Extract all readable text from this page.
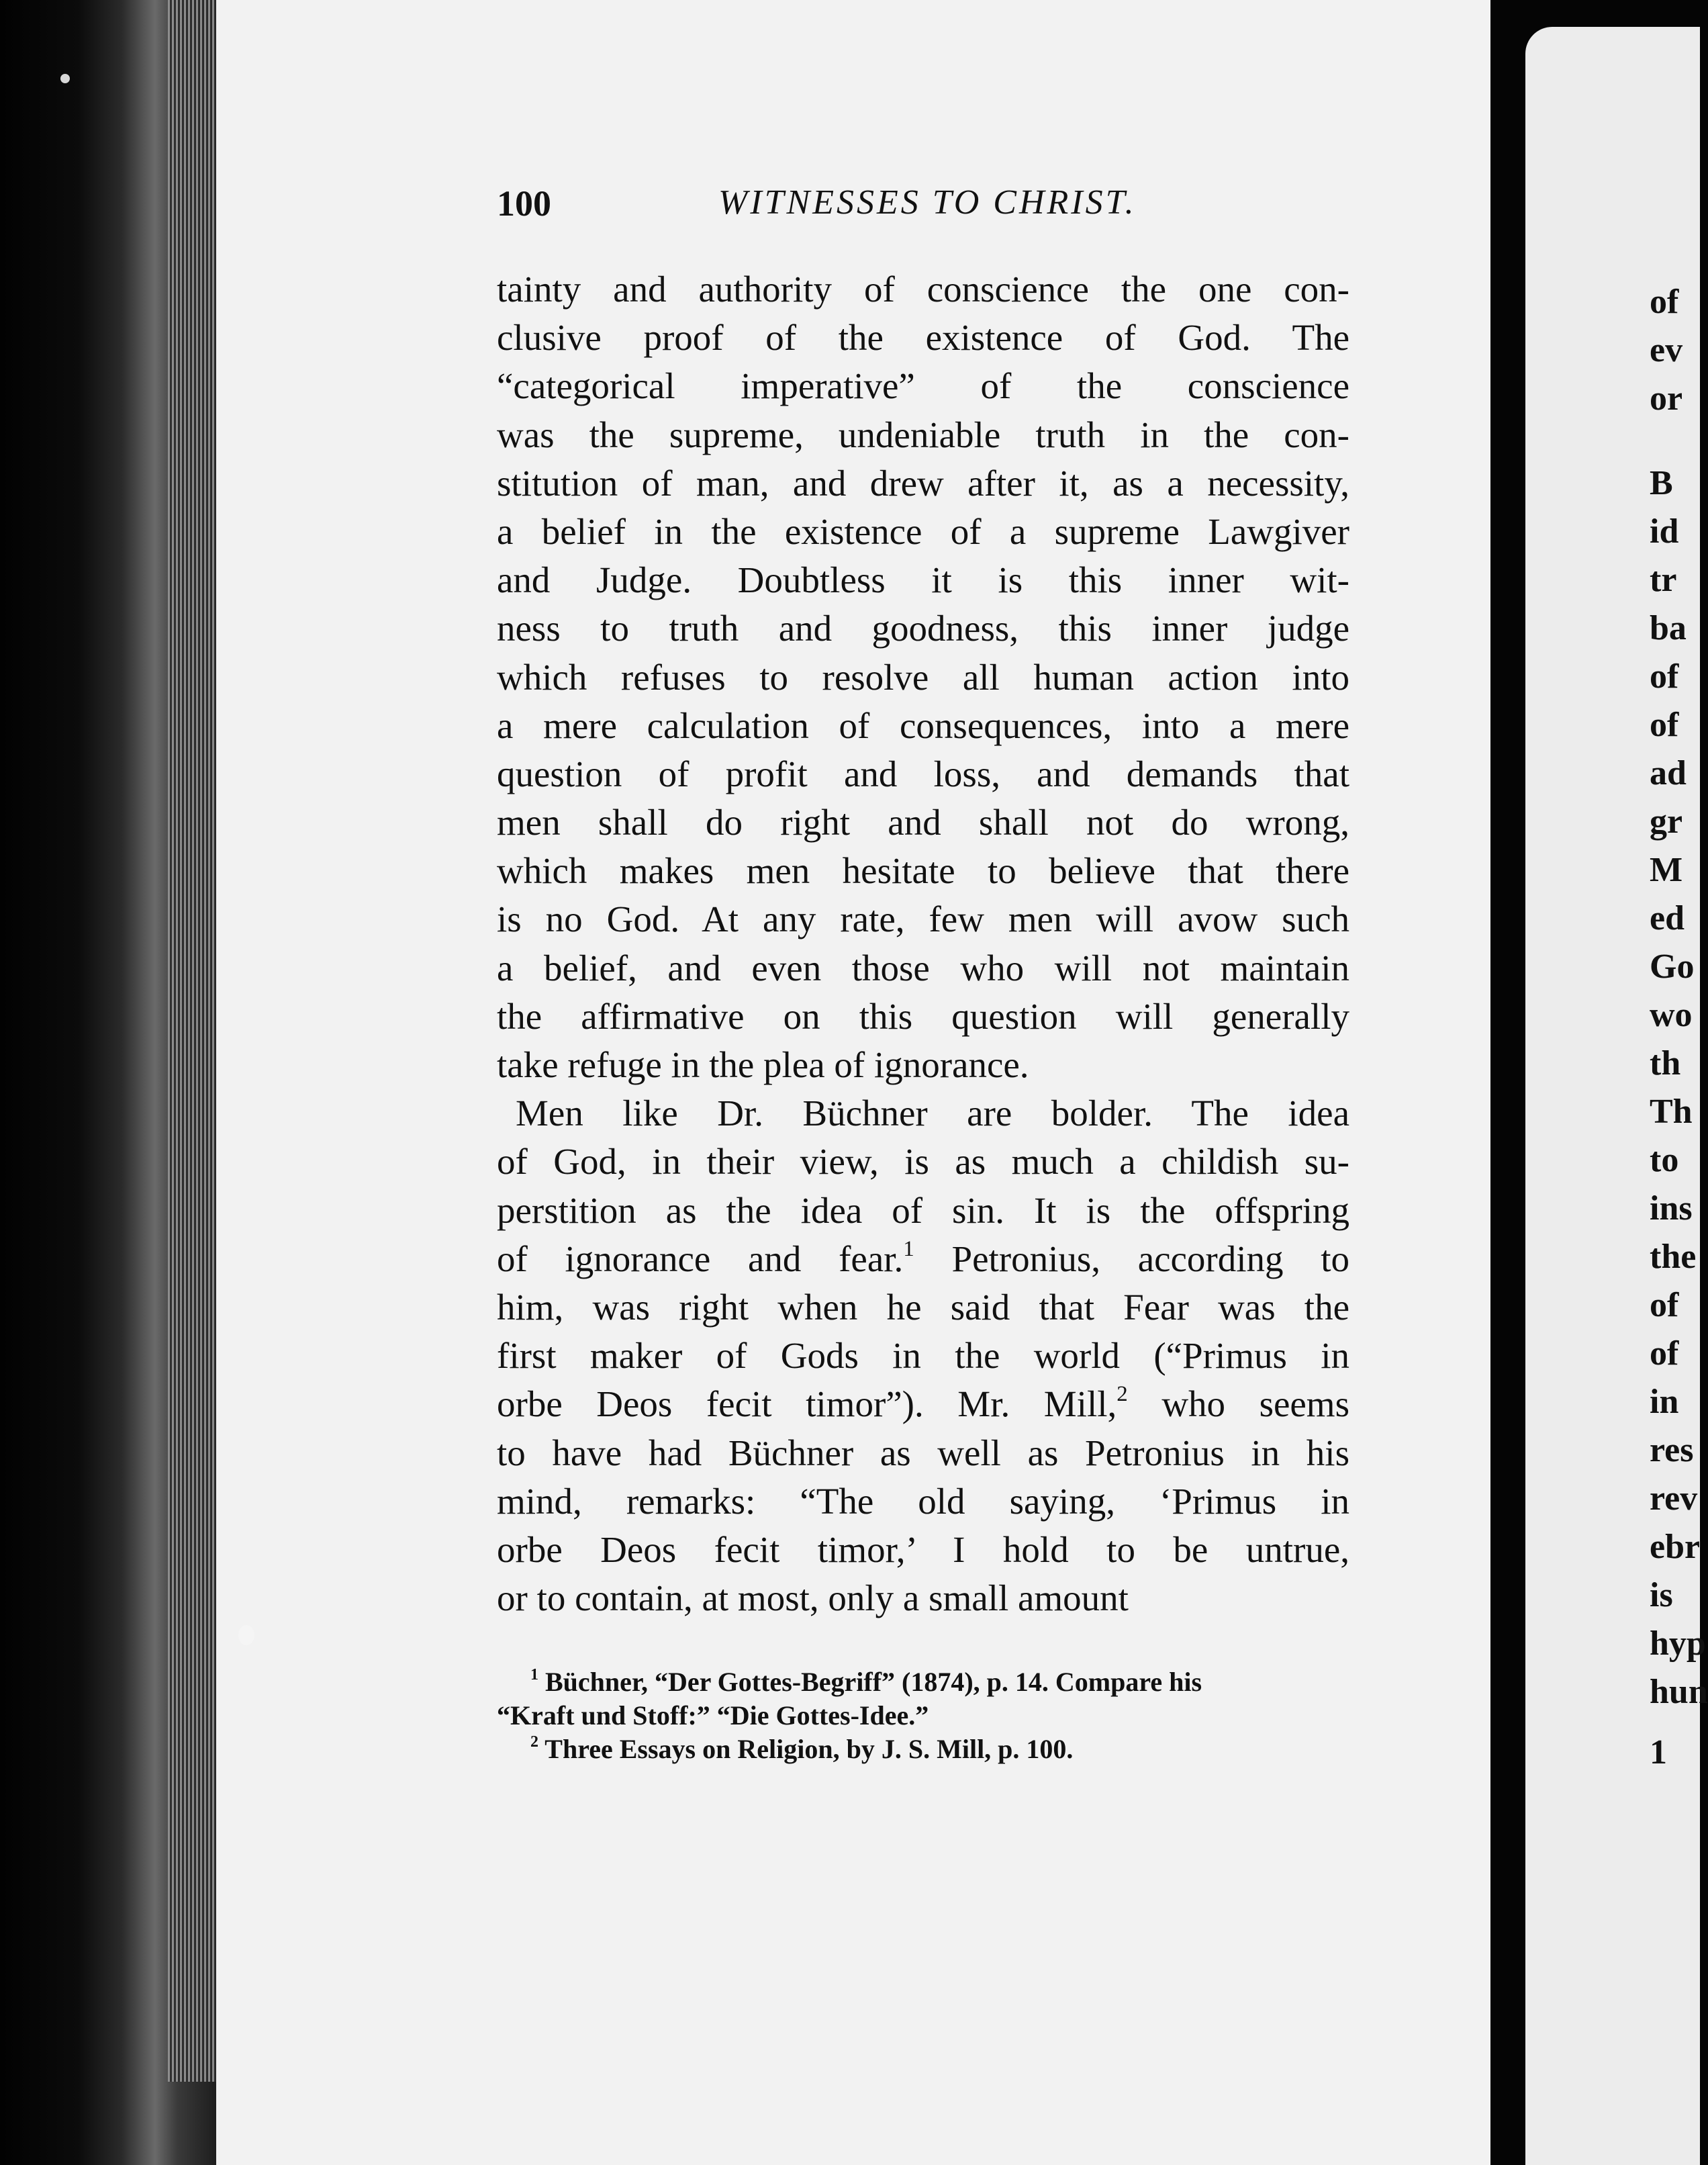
100	WITNESSES TO CHRIST.
tainty and authority of conscience the one con-
clusive proof of the existence of God. The
“categorical imperative” of the conscience
was the supreme, undeniable truth in the con-
stitution of man, and drew after it, as a necessity,
a belief in the existence of a supreme Lawgiver
and Judge. Doubtless it is this inner wit-
ness to truth and goodness, this inner judge
which refuses to resolve all human action into
a mere calculation of consequences, into a mere
question of profit and loss, and demands that
men shall do right and shall not do wrong,
which makes men hesitate to believe that there
is no God. At any rate, few men will avow such
a belief, and even those who will not maintain
the affirmative on this question will generally
take refuge in the plea of ignorance.
Men like Dr. Büchner are bolder. The idea
of God, in their view, is as much a childish su-
perstition as the idea of sin. It is the offspring
of ignorance and fear.$^1$ Petronius, according to
him, was right when he said that Fear was the
first maker of Gods in the world (“Primus in
orbe Deos fecit timor”). Mr. Mill,$^2$ who seems
to have had Büchner as well as Petronius in his
mind, remarks: “The old saying, ‘Primus in
orbe Deos fecit timor,’ I hold to be untrue,
or to contain, at most, only a small amount
$^1$ Büchner, “Der Gottes-Begriff” (1874), p. 14. Compare his
“Kraft und Stoff:” “Die Gottes-Idee.”
$^2$ Three Essays on Religion, by J. S. Mill, p. 100.
of
ev
or
B
id
tr
ba
of
of
ad
gr
M
ed
Go
wo
th
Th
to
ins
the
of
of
in
res
rev
ebr
is
hyp
hun
1
